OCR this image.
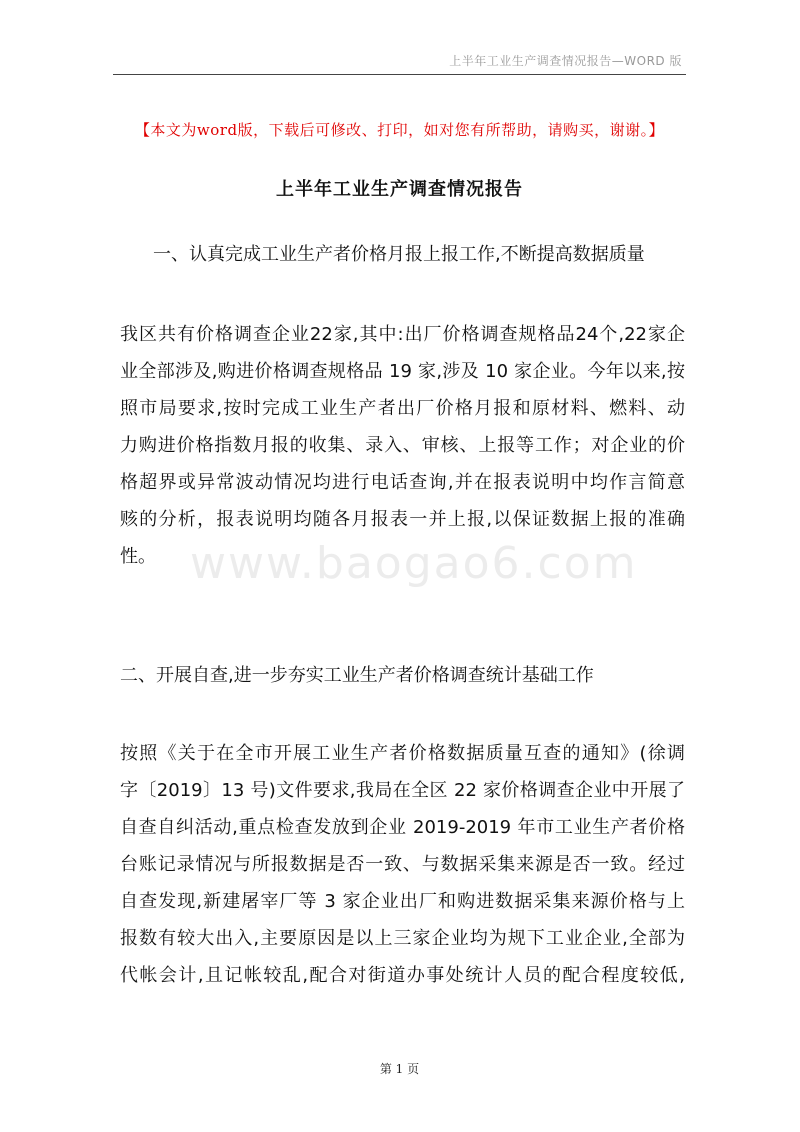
上半年工业生产调查情况报告—WORD 版
www.baogao6.com
【本文为word版，下载后可修改、打印，如对您有所帮助，请购买，谢谢。】
上半年工业生产调查情况报告
一、认真完成工业生产者价格月报上报工作,不断提高数据质量
我区共有价格调查企业22家,其中:出厂价格调查规格品24个,22家企
业全部涉及,购进价格调查规格品 19 家,涉及 10 家企业。今年以来,按
照市局要求,按时完成工业生产者出厂价格月报和原材料、燃料、动
力购进价格指数月报的收集、录入、审核、上报等工作；对企业的价
格超界或异常波动情况均进行电话查询,并在报表说明中均作言简意
赅的分析，报表说明均随各月报表一并上报,以保证数据上报的准确
性。
二、开展自查,进一步夯实工业生产者价格调查统计基础工作
按照《关于在全市开展工业生产者价格数据质量互查的通知》(徐调
字〔2019〕13 号)文件要求,我局在全区 22 家价格调查企业中开展了
自查自纠活动,重点检查发放到企业 2019-2019 年市工业生产者价格
台账记录情况与所报数据是否一致、与数据采集来源是否一致。经过
自查发现,新建屠宰厂等 3 家企业出厂和购进数据采集来源价格与上
报数有较大出入,主要原因是以上三家企业均为规下工业企业,全部为
代帐会计,且记帐较乱,配合对街道办事处统计人员的配合程度较低,
第 1 页
